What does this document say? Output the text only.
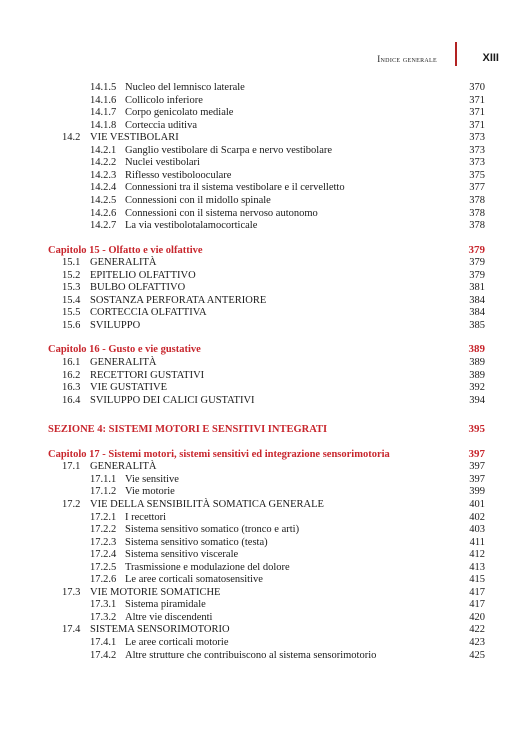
Indice generale	XIII
14.1.5 Nucleo del lemnisco laterale	370
14.1.6 Collicolo inferiore	371
14.1.7 Corpo genicolato mediale	371
14.1.8 Corteccia uditiva	371
14.2 VIE VESTIBOLARI	373
14.2.1 Ganglio vestibolare di Scarpa e nervo vestibolare	373
14.2.2 Nuclei vestibolari	373
14.2.3 Riflesso vestibolooculare	375
14.2.4 Connessioni tra il sistema vestibolare e il cervelletto	377
14.2.5 Connessioni con il midollo spinale	378
14.2.6 Connessioni con il sistema nervoso autonomo	378
14.2.7 La via vestibolotalamocorticale	378
Capitolo 15 - Olfatto e vie olfattive	379
15.1 GENERALITÀ	379
15.2 EPITELIO OLFATTIVO	379
15.3 BULBO OLFATTIVO	381
15.4 SOSTANZA PERFORATA ANTERIORE	384
15.5 CORTECCIA OLFATTIVA	384
15.6 SVILUPPO	385
Capitolo 16 - Gusto e vie gustative	389
16.1 GENERALITÀ	389
16.2 RECETTORI GUSTATIVI	389
16.3 VIE GUSTATIVE	392
16.4 SVILUPPO DEI CALICI GUSTATIVI	394
SEZIONE 4: SISTEMI MOTORI E SENSITIVI INTEGRATI	395
Capitolo 17 - Sistemi motori, sistemi sensitivi ed integrazione sensorimotoria	397
17.1 GENERALITÀ	397
17.1.1 Vie sensitive	397
17.1.2 Vie motorie	399
17.2 VIE DELLA SENSIBILITÀ SOMATICA GENERALE	401
17.2.1 I recettori	402
17.2.2 Sistema sensitivo somatico (tronco e arti)	403
17.2.3 Sistema sensitivo somatico (testa)	411
17.2.4 Sistema sensitivo viscerale	412
17.2.5 Trasmissione e modulazione del dolore	413
17.2.6 Le aree corticali somatosensitive	415
17.3 VIE MOTORIE SOMATICHE	417
17.3.1 Sistema piramidale	417
17.3.2 Altre vie discendenti	420
17.4 SISTEMA SENSORIMOTORIO	422
17.4.1 Le aree corticali motorie	423
17.4.2 Altre strutture che contribuiscono al sistema sensorimotorio	425
